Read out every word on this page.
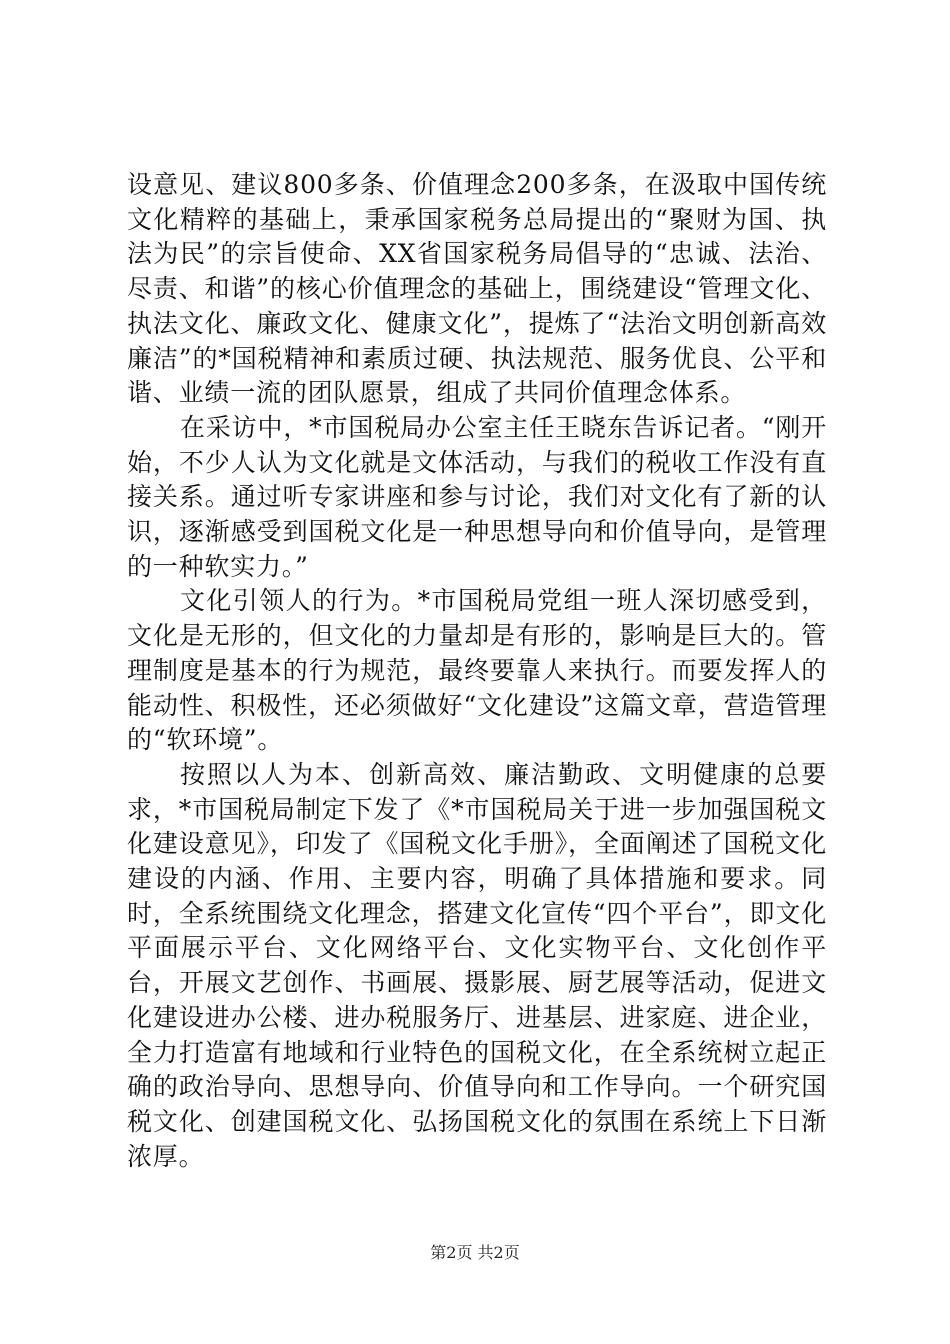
设意见、建议800多条、价值理念200多条，在汲取中国传统文化精粹的基础上，秉承国家税务总局提出的“聚财为国、执法为民”的宗旨使命、XX省国家税务局倡导的“忠诚、法治、尽责、和谐”的核心价值理念的基础上，围绕建设“管理文化、执法文化、廉政文化、健康文化”，提炼了“法治文明创新高效廉洁”的*国税精神和素质过硬、执法规范、服务优良、公平和谐、业绩一流的团队愿景，组成了共同价值理念体系。

在采访中，*市国税局办公室主任王晓东告诉记者。“刚开始，不少人认为文化就是文体活动，与我们的税收工作没有直接关系。通过听专家讲座和参与讨论，我们对文化有了新的认识，逐渐感受到国税文化是一种思想导向和价值导向，是管理的一种软实力。”

文化引领人的行为。*市国税局党组一班人深切感受到，文化是无形的，但文化的力量却是有形的，影响是巨大的。管理制度是基本的行为规范，最终要靠人来执行。而要发挥人的能动性、积极性，还必须做好“文化建设”这篇文章，营造管理的“软环境”。

按照以人为本、创新高效、廉洁勤政、文明健康的总要求，*市国税局制定下发了《*市国税局关于进一步加强国税文化建设意见》，印发了《国税文化手册》，全面阐述了国税文化建设的内涵、作用、主要内容，明确了具体措施和要求。同时，全系统围绕文化理念，搭建文化宣传“四个平台”，即文化平面展示平台、文化网络平台、文化实物平台、文化创作平台，开展文艺创作、书画展、摄影展、厨艺展等活动，促进文化建设进办公楼、进办税服务厅、进基层、进家庭、进企业，全力打造富有地域和行业特色的国税文化，在全系统树立起正确的政治导向、思想导向、价值导向和工作导向。一个研究国税文化、创建国税文化、弘扬国税文化的氛围在系统上下日渐浓厚。

第2页 共2页
